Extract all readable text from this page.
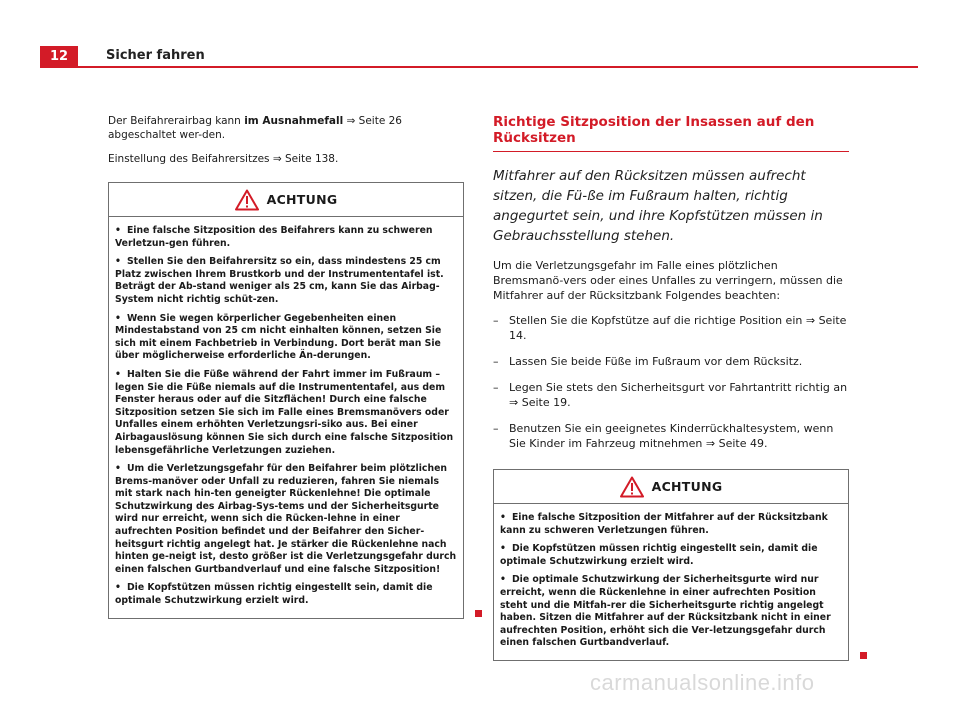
12	Sicher fahren

Der Beifahrerairbag kann im Ausnahmefall ⇒ Seite 26 abgeschaltet wer-den.

Einstellung des Beifahrersitzes ⇒ Seite 138.

ACHTUNG

• Eine falsche Sitzposition des Beifahrers kann zu schweren Verletzun-gen führen.

• Stellen Sie den Beifahrersitz so ein, dass mindestens 25 cm Platz zwischen Ihrem Brustkorb und der Instrumententafel ist. Beträgt der Ab-stand weniger als 25 cm, kann Sie das Airbag-System nicht richtig schüt-zen.

• Wenn Sie wegen körperlicher Gegebenheiten einen Mindestabstand von 25 cm nicht einhalten können, setzen Sie sich mit einem Fachbetrieb in Verbindung. Dort berät man Sie über möglicherweise erforderliche Än-derungen.

• Halten Sie die Füße während der Fahrt immer im Fußraum – legen Sie die Füße niemals auf die Instrumententafel, aus dem Fenster heraus oder auf die Sitzflächen! Durch eine falsche Sitzposition setzen Sie sich im Falle eines Bremsmanövers oder Unfalles einem erhöhten Verletzungsri-siko aus. Bei einer Airbagauslösung können Sie sich durch eine falsche Sitzposition lebensgefährliche Verletzungen zuziehen.

• Um die Verletzungsgefahr für den Beifahrer beim plötzlichen Brems-manöver oder Unfall zu reduzieren, fahren Sie niemals mit stark nach hin-ten geneigter Rückenlehne! Die optimale Schutzwirkung des Airbag-Sys-tems und der Sicherheitsgurte wird nur erreicht, wenn sich die Rücken-lehne in einer aufrechten Position befindet und der Beifahrer den Sicher-heitsgurt richtig angelegt hat. Je stärker die Rückenlehne nach hinten ge-neigt ist, desto größer ist die Verletzungsgefahr durch einen falschen Gurtbandverlauf und eine falsche Sitzposition!

• Die Kopfstützen müssen richtig eingestellt sein, damit die optimale Schutzwirkung erzielt wird.

Richtige Sitzposition der Insassen auf den Rücksitzen

Mitfahrer auf den Rücksitzen müssen aufrecht sitzen, die Fü-ße im Fußraum halten, richtig angegurtet sein, und ihre Kopfstützen müssen in Gebrauchsstellung stehen.

Um die Verletzungsgefahr im Falle eines plötzlichen Bremsmanö-vers oder eines Unfalles zu verringern, müssen die Mitfahrer auf der Rücksitzbank Folgendes beachten:

– Stellen Sie die Kopfstütze auf die richtige Position ein ⇒ Seite 14.
– Lassen Sie beide Füße im Fußraum vor dem Rücksitz.
– Legen Sie stets den Sicherheitsgurt vor Fahrtantritt richtig an ⇒ Seite 19.
– Benutzen Sie ein geeignetes Kinderrückhaltesystem, wenn Sie Kinder im Fahrzeug mitnehmen ⇒ Seite 49.
ACHTUNG

• Eine falsche Sitzposition der Mitfahrer auf der Rücksitzbank kann zu schweren Verletzungen führen.

• Die Kopfstützen müssen richtig eingestellt sein, damit die optimale Schutzwirkung erzielt wird.

• Die optimale Schutzwirkung der Sicherheitsgurte wird nur erreicht, wenn die Rückenlehne in einer aufrechten Position steht und die Mitfah-rer die Sicherheitsgurte richtig angelegt haben. Sitzen die Mitfahrer auf der Rücksitzbank nicht in einer aufrechten Position, erhöht sich die Ver-letzungsgefahr durch einen falschen Gurtbandverlauf.

carmanualsonline.info
